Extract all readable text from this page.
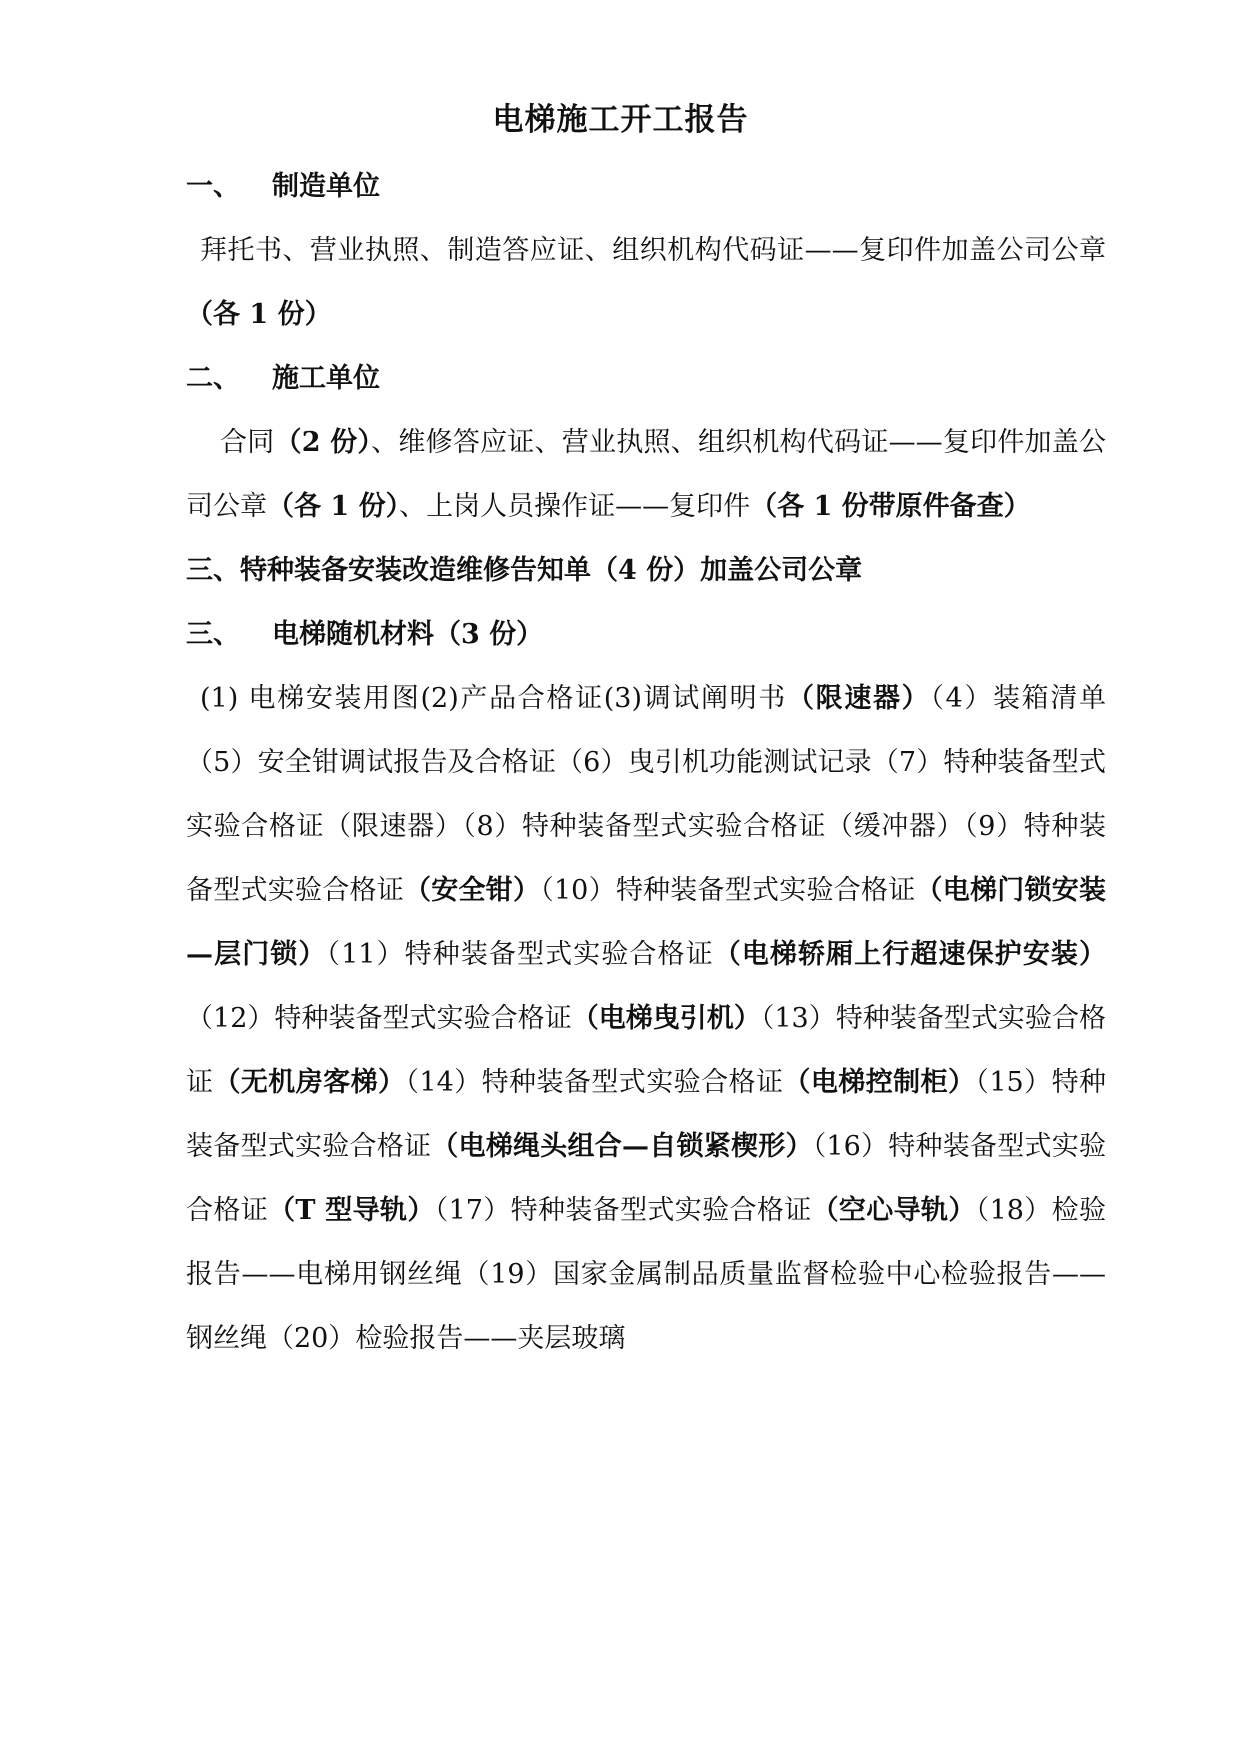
电梯施工开工报告
一、 制造单位
拜托书、营业执照、制造答应证、组织机构代码证——复印件加盖公司公章（各 1 份）
二、 施工单位
合同（2 份）、维修答应证、营业执照、组织机构代码证——复印件加盖公司公章（各 1 份）、上岗人员操作证——复印件（各 1 份带原件备查）
三、特种装备安装改造维修告知单（4 份）加盖公司公章
三、 电梯随机材料（3 份）
(1) 电梯安装用图(2)产品合格证(3)调试阐明书（限速器）（4）装箱清单（5）安全钳调试报告及合格证（6）曳引机功能测试记录（7）特种装备型式实验合格证（限速器）（8）特种装备型式实验合格证（缓冲器）（9）特种装备型式实验合格证（安全钳）（10）特种装备型式实验合格证（电梯门锁安装—层门锁）（11）特种装备型式实验合格证（电梯轿厢上行超速保护安装）（12）特种装备型式实验合格证（电梯曳引机）（13）特种装备型式实验合格证（无机房客梯）（14）特种装备型式实验合格证（电梯控制柜）（15）特种装备型式实验合格证（电梯绳头组合—自锁紧楔形）（16）特种装备型式实验合格证（T 型导轨）（17）特种装备型式实验合格证（空心导轨）（18）检验报告——电梯用钢丝绳（19）国家金属制品质量监督检验中心检验报告——钢丝绳（20）检验报告——夹层玻璃
